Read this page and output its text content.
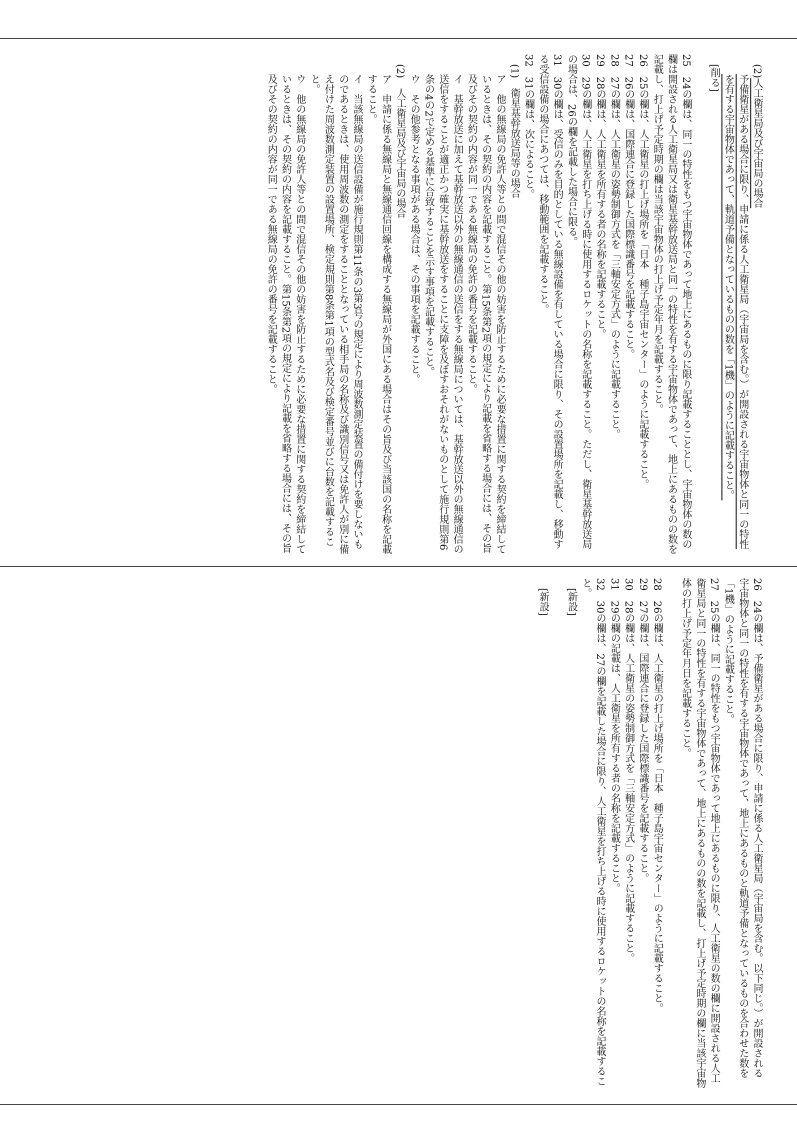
(2)人工衛星局及び宇宙局の場合
予備衛星がある場合に限り、申請に係る人工衛星局（宇宙局を含む。）が開設される宇宙物体と同一の特性を有する宇宙物体であって、軌道予備となっているものの数を「1機」のように記載すること。
[削る]
25　24の欄は、同一の特性をもつ宇宙物体であって地上にあるものに限り記載することとし、宇宙物体の数の欄は開設される人工衛星局又は衛星基幹放送局と同一の特性を有する宇宙物体であって、地上にあるものの数を記載し、打上げ予定時期の欄は当該宇宙物体の打上げ予定年月を記載すること。
26　25の欄は、人工衛星の打上げ場所を「日本　種子島宇宙センター」のように記載すること。
27　26の欄は、国際連合に登録した国際標識番号を記載すること。
28　27の欄は、人工衛星の姿勢制御方式を「三軸安定方式」のように記載すること。
29　28の欄は、人工衛星を所有する者の名称を記載すること。
30　29の欄は、人工衛星を打ち上げる時に使用するロケットの名称を記載すること。ただし、衛星基幹放送局の場合は、26の欄を記載した場合に限る。
31　30の欄は、受信のみを目的としている無線設備を有している場合に限り、その設置場所を記載し、移動する受信設備の場合にあつては、移動範囲を記載すること。
32　31の欄は、次によること。
(1)　衛星基幹放送局等の場合
ア　他の無線局の免許人等との間で混信その他の妨害を防止するために必要な措置に関する契約を締結しているときは、その契約の内容を記載すること。第15条第2項の規定により記載を省略する場合には、その旨及びその契約の内容が同一である無線局の免許の番号を記載すること。
イ　基幹放送に加えて基幹放送以外の無線通信の送信をする無線局については、基幹放送以外の無線通信の送信をすることが適正かつ確実に基幹放送をすることに支障を及ぼすおそれがないものとして施行規則第6条の4の2で定める基準に合致することを示す事項を記載すること。
ウ　その他参考となる事項がある場合は、その事項を記載すること。
(2)　人工衛星局及び宇宙局の場合
ア　申請に係る無線局と無線通信回線を構成する無線局が外国にある場合はその旨及び当該国の名称を記載すること。
イ　当該無線局の送信設備が施行規則第11条の3第3号の規定により周波数測定装置の備付けを要しないものであるときは、使用周波数の測定をすることとなっている相手局の名称及び識別信号又は免許人が別に備え付けた周波数測定装置の設置場所、検定規則第8条第1項の型式名及び検定番号並びに台数を記載すること。
ウ　他の無線局の免許人等との間で混信その他の妨害を防止するために必要な措置に関する契約を締結しているときは、その契約の内容を記載すること。第15条第2項の規定により記載を省略する場合には、その旨及びその契約の内容が同一である無線局の免許の番号を記載すること。
26　24の欄は、予備衛星がある場合に限り、申請に係る人工衛星局（宇宙局を含む。以下同じ。）が開設される宇宙物体と同一の特性を有する宇宙物体であって、地上にあるものと軌道予備となっているものを合わせた数を「1機」のように記載すること。
27　25の欄は、同一の特性をもつ宇宙物体であって地上にあるものに限り、人工衛星の数の欄に開設される人工衛星局と同一の特性を有する宇宙物体であって、地上にあるものの数を記載し、打上げ予定時期の欄に当該宇宙物体の打上げ予定年月日を記載すること。
28　26の欄は、人工衛星の打上げ場所を「日本　種子島宇宙センター」のように記載すること。
29　27の欄は、国際連合に登録した国際標識番号を記載すること。
30　28の欄は、人工衛星の姿勢制御方式を「三軸安定方式」のように記載すること。
31　29の欄の記載は、人工衛星を所有する者の名称を記載すること。
32　30の欄は、27の欄を記載した場合に限り、人工衛星を打ち上げる時に使用するロケットの名称を記載すること。
[新設]
[新設]
